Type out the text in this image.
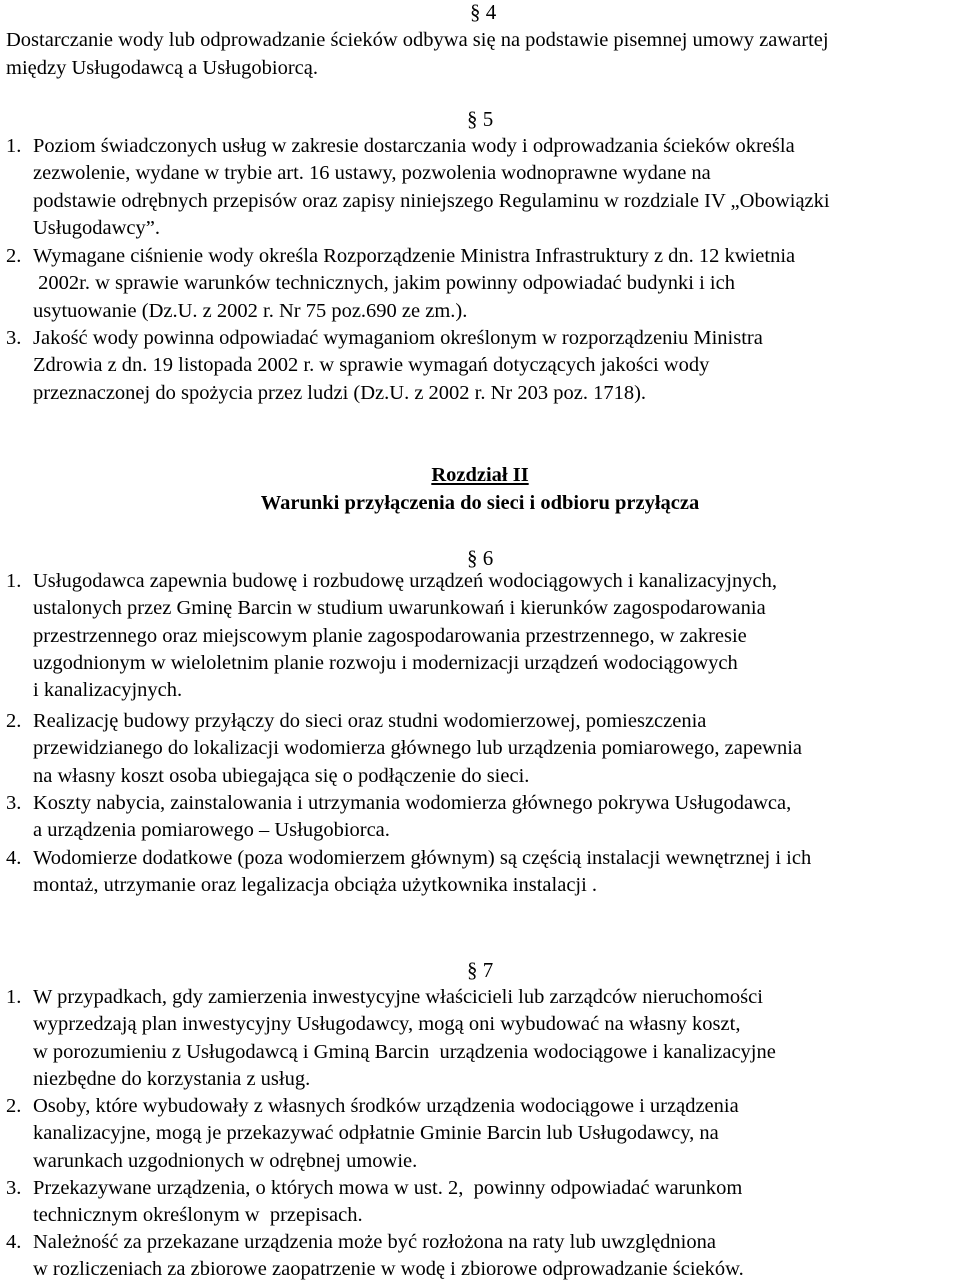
§ 4
Dostarczanie wody lub odprowadzanie ścieków odbywa się na podstawie pisemnej umowy zawartej
między Usługodawcą a Usługobiorcą.
§ 5
1. Poziom świadczonych usług w zakresie dostarczania wody i odprowadzania ścieków określa
zezwolenie, wydane w trybie art. 16 ustawy, pozwolenia wodnoprawne wydane na
podstawie odrębnych przepisów oraz zapisy niniejszego Regulaminu w rozdziale IV „Obowiązki
Usługodawcy”.
2. Wymagane ciśnienie wody określa Rozporządzenie Ministra Infrastruktury z dn. 12 kwietnia
2002r. w sprawie warunków technicznych, jakim powinny odpowiadać budynki i ich
usytuowanie (Dz.U. z 2002 r. Nr 75 poz.690 ze zm.).
3. Jakość wody powinna odpowiadać wymaganiom określonym w rozporządzeniu Ministra
Zdrowia z dn. 19 listopada 2002 r. w sprawie wymagań dotyczących jakości wody
przeznaczonej do spożycia przez ludzi (Dz.U. z 2002 r. Nr 203 poz. 1718).
Rozdział II
Warunki przyłączenia do sieci i odbioru przyłącza
§ 6
1. Usługodawca zapewnia budowę i rozbudowę urządzeń wodociągowych i kanalizacyjnych,
ustalonych przez Gminę Barcin w studium uwarunkowań i kierunków zagospodarowania
przestrzennego oraz miejscowym planie zagospodarowania przestrzennego, w zakresie
uzgodnionym w wieloletnim planie rozwoju i modernizacji urządzeń wodociągowych
i kanalizacyjnych.
2. Realizację budowy przyłączy do sieci oraz studni wodomierzowej, pomieszczenia
przewidzianego do lokalizacji wodomierza głównego lub urządzenia pomiarowego, zapewnia
na własny koszt osoba ubiegająca się o podłączenie do sieci.
3. Koszty nabycia, zainstalowania i utrzymania wodomierza głównego pokrywa Usługodawca,
a urządzenia pomiarowego – Usługobiorca.
4. Wodomierze dodatkowe (poza wodomierzem głównym) są częścią instalacji wewnętrznej i ich
montaż, utrzymanie oraz legalizacja obciąża użytkownika instalacji .
§ 7
1. W przypadkach, gdy zamierzenia inwestycyjne właścicieli lub zarządców nieruchomości
wyprzedzają plan inwestycyjny Usługodawcy, mogą oni wybudować na własny koszt,
w porozumieniu z Usługodawcą i Gminą Barcin  urządzenia wodociągowe i kanalizacyjne
niezbędne do korzystania z usług.
2. Osoby, które wybudowały z własnych środków urządzenia wodociągowe i urządzenia
kanalizacyjne, mogą je przekazywać odpłatnie Gminie Barcin lub Usługodawcy, na
warunkach uzgodnionych w odrębnej umowie.
3. Przekazywane urządzenia, o których mowa w ust. 2,  powinny odpowiadać warunkom
technicznym określonym w  przepisach.
4. Należność za przekazane urządzenia może być rozłożona na raty lub uwzględniona
w rozliczeniach za zbiorowe zaopatrzenie w wodę i zbiorowe odprowadzanie ścieków.
